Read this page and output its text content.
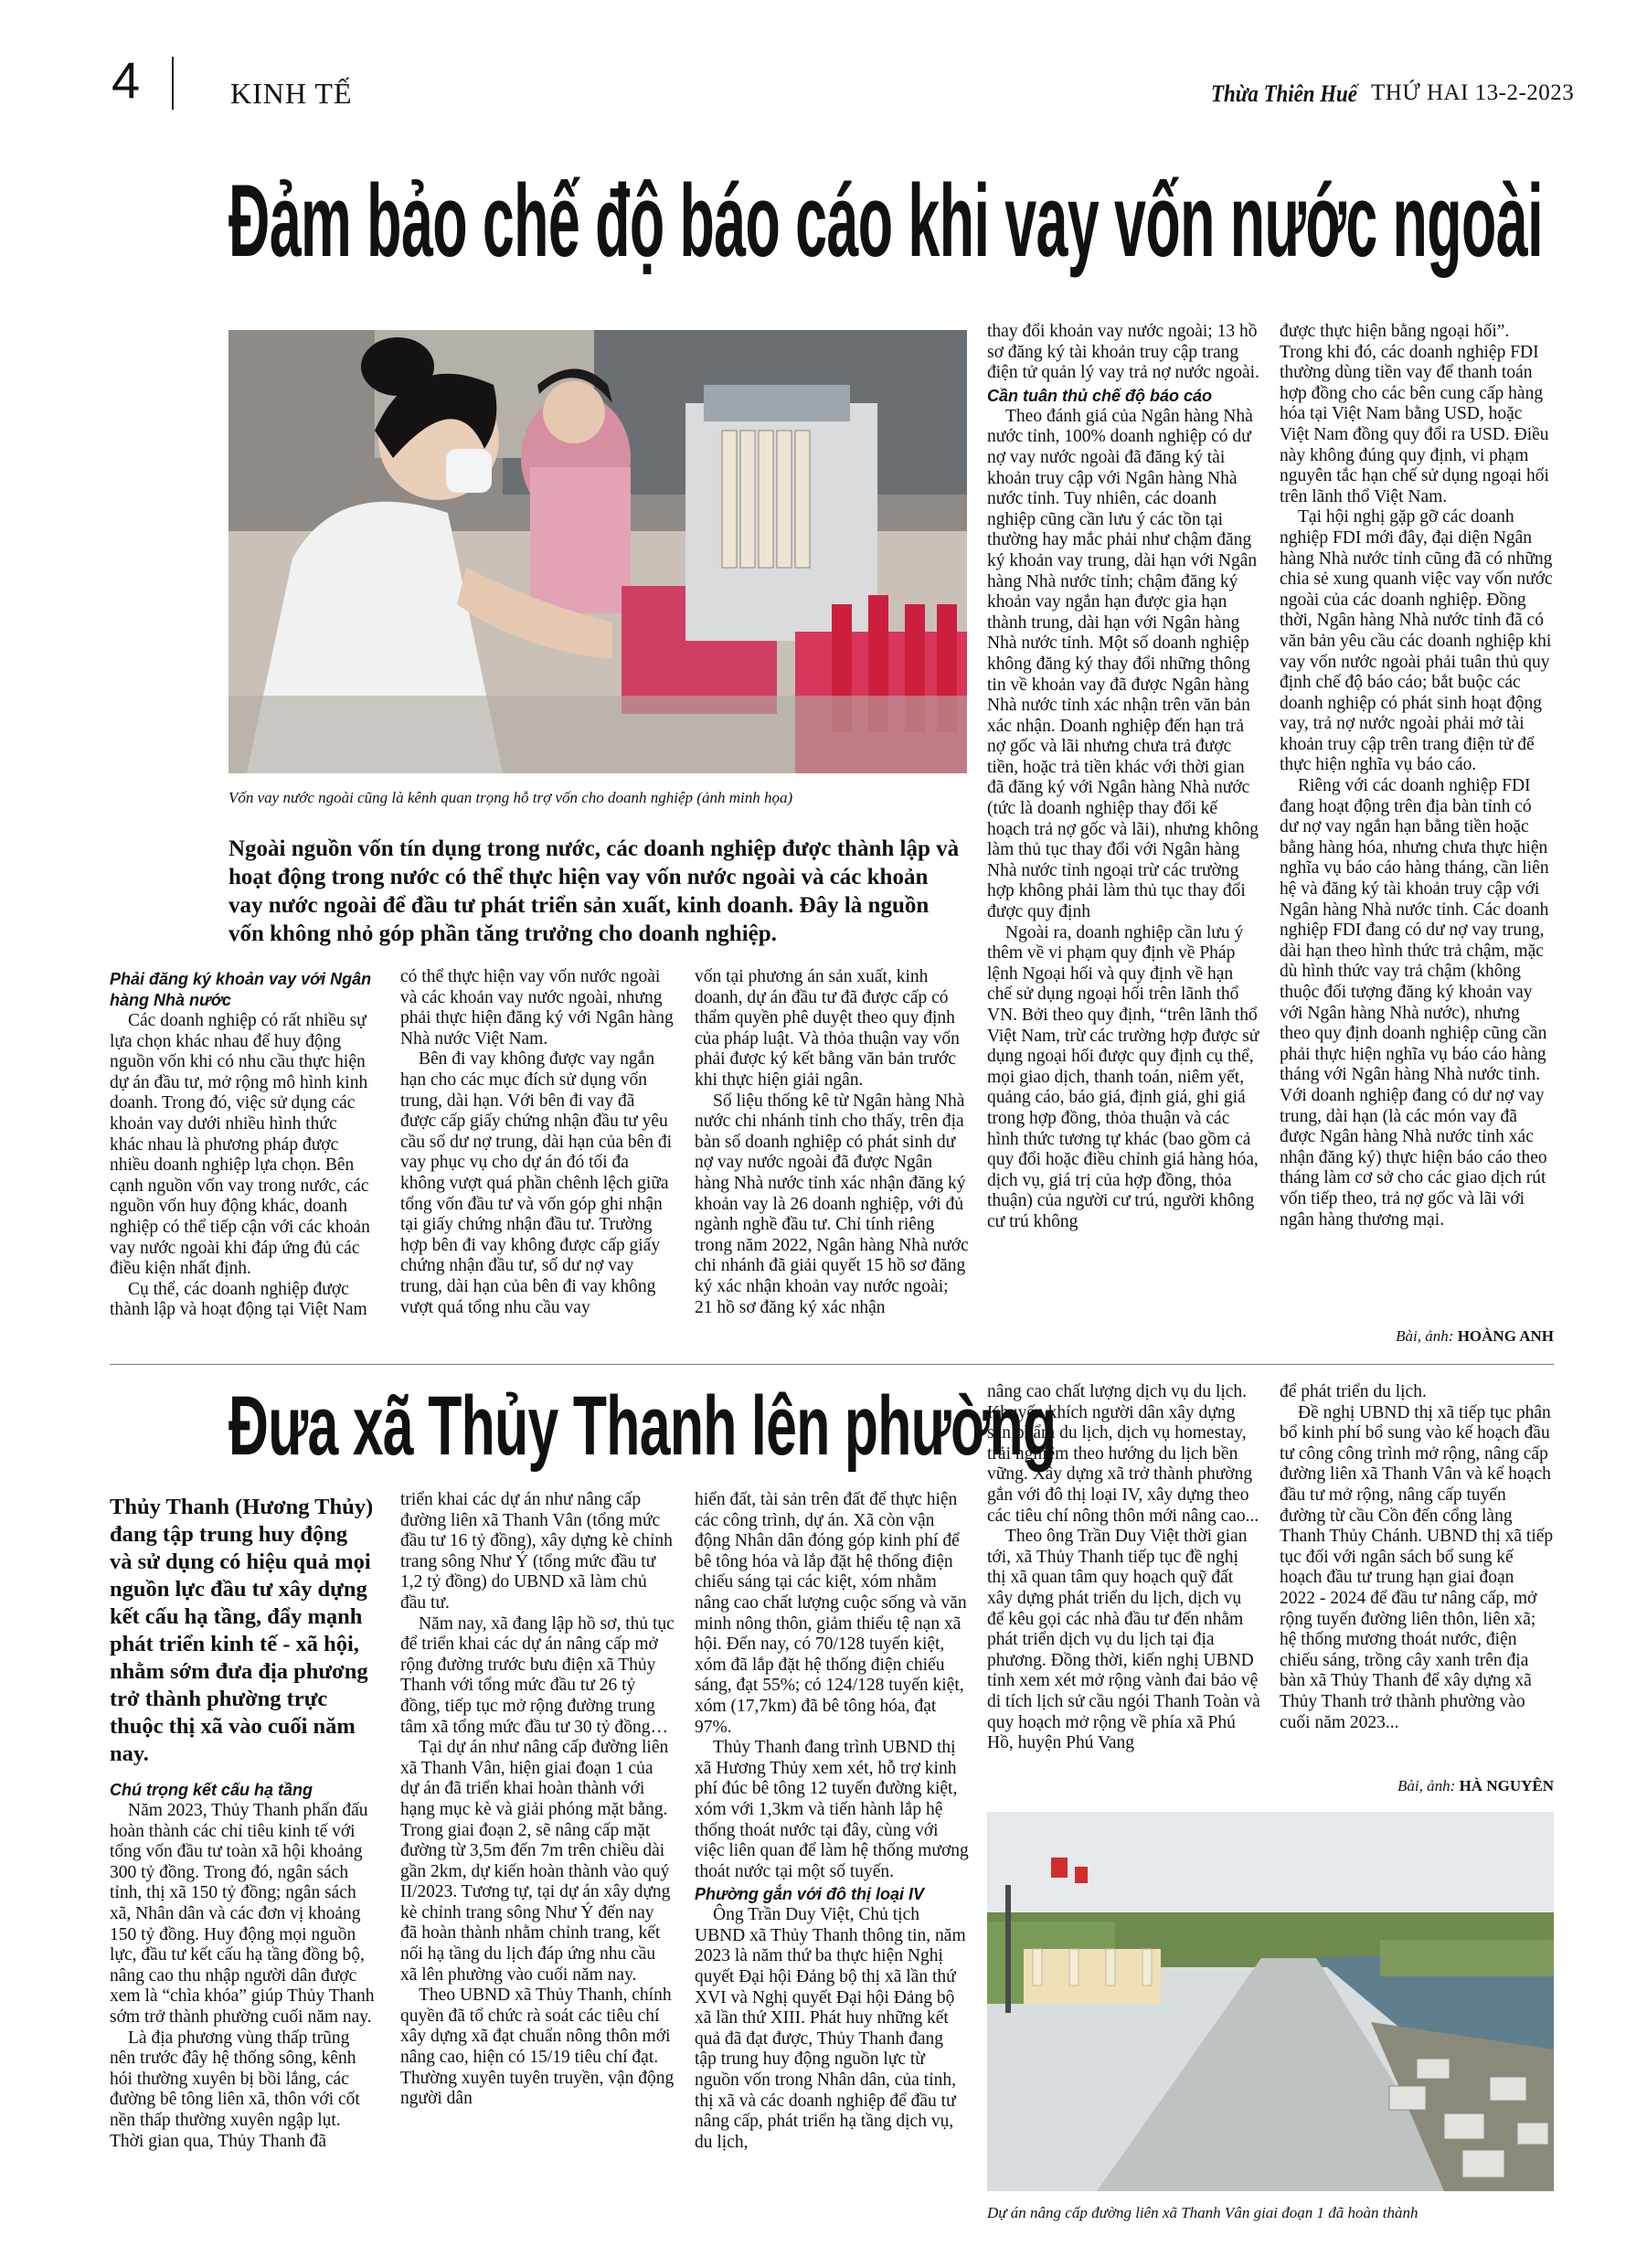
4	KINH TẾ	Thừa Thiên Huế THỨ HAI 13-2-2023
Đảm bảo chế độ báo cáo khi vay vốn nước ngoài
Vốn vay nước ngoài cũng là kênh quan trọng hỗ trợ vốn cho doanh nghiệp (ảnh minh họa)
Ngoài nguồn vốn tín dụng trong nước, các doanh nghiệp được thành lập và hoạt động trong nước có thể thực hiện vay vốn nước ngoài và các khoản vay nước ngoài để đầu tư phát triển sản xuất, kinh doanh. Đây là nguồn vốn không nhỏ góp phần tăng trưởng cho doanh nghiệp.
Phải đăng ký khoản vay với Ngân hàng Nhà nước

Các doanh nghiệp có rất nhiều sự lựa chọn khác nhau để huy động nguồn vốn khi có nhu cầu thực hiện dự án đầu tư, mở rộng mô hình kinh doanh. Trong đó, việc sử dụng các khoản vay dưới nhiều hình thức khác nhau là phương pháp được nhiều doanh nghiệp lựa chọn. Bên cạnh nguồn vốn vay trong nước, các nguồn vốn huy động khác, doanh nghiệp có thể tiếp cận với các khoản vay nước ngoài khi đáp ứng đủ các điều kiện nhất định.

Cụ thể, các doanh nghiệp được thành lập và hoạt động tại Việt Nam

có thể thực hiện vay vốn nước ngoài và các khoản vay nước ngoài, nhưng phải thực hiện đăng ký với Ngân hàng Nhà nước Việt Nam.

Bên đi vay không được vay ngắn hạn cho các mục đích sử dụng vốn trung, dài hạn. Với bên đi vay đã được cấp giấy chứng nhận đầu tư yêu cầu số dư nợ trung, dài hạn của bên đi vay phục vụ cho dự án đó tối đa không vượt quá phần chênh lệch giữa tổng vốn đầu tư và vốn góp ghi nhận tại giấy chứng nhận đầu tư. Trường hợp bên đi vay không được cấp giấy chứng nhận đầu tư, số dư nợ vay trung, dài hạn của bên đi vay không vượt quá tổng nhu cầu vay

vốn tại phương án sản xuất, kinh doanh, dự án đầu tư đã được cấp có thẩm quyền phê duyệt theo quy định của pháp luật. Và thỏa thuận vay vốn phải được ký kết bằng văn bản trước khi thực hiện giải ngân.

Số liệu thống kê từ Ngân hàng Nhà nước chi nhánh tỉnh cho thấy, trên địa bàn số doanh nghiệp có phát sinh dư nợ vay nước ngoài đã được Ngân hàng Nhà nước tỉnh xác nhận đăng ký khoản vay là 26 doanh nghiệp, với đủ ngành nghề đầu tư. Chỉ tính riêng trong năm 2022, Ngân hàng Nhà nước chi nhánh đã giải quyết 15 hồ sơ đăng ký xác nhận khoản vay nước ngoài; 21 hồ sơ đăng ký xác nhận

thay đổi khoản vay nước ngoài; 13 hồ sơ đăng ký tài khoản truy cập trang điện tử quản lý vay trả nợ nước ngoài.

Cần tuân thủ chế độ báo cáo

Theo đánh giá của Ngân hàng Nhà nước tỉnh, 100% doanh nghiệp có dư nợ vay nước ngoài đã đăng ký tài khoản truy cập với Ngân hàng Nhà nước tỉnh. Tuy nhiên, các doanh nghiệp cũng cần lưu ý các tồn tại thường hay mắc phải như chậm đăng ký khoản vay trung, dài hạn với Ngân hàng Nhà nước tỉnh; chậm đăng ký khoản vay ngắn hạn được gia hạn thành trung, dài hạn với Ngân hàng Nhà nước tỉnh. Một số doanh nghiệp không đăng ký thay đổi những thông tin về khoản vay đã được Ngân hàng Nhà nước tỉnh xác nhận trên văn bản xác nhận. Doanh nghiệp đến hạn trả nợ gốc và lãi nhưng chưa trả được tiền, hoặc trả tiền khác với thời gian đã đăng ký với Ngân hàng Nhà nước (tức là doanh nghiệp thay đổi kế hoạch trả nợ gốc và lãi), nhưng không làm thủ tục thay đổi với Ngân hàng Nhà nước tỉnh ngoại trừ các trường hợp không phải làm thủ tục thay đổi được quy định

Ngoài ra, doanh nghiệp cần lưu ý thêm về vi phạm quy định về Pháp lệnh Ngoại hối và quy định về hạn chế sử dụng ngoại hối trên lãnh thổ VN. Bởi theo quy định, “trên lãnh thổ Việt Nam, trừ các trường hợp được sử dụng ngoại hối được quy định cụ thể, mọi giao dịch, thanh toán, niêm yết, quảng cáo, báo giá, định giá, ghi giá trong hợp đồng, thỏa thuận và các hình thức tương tự khác (bao gồm cả quy đổi hoặc điều chỉnh giá hàng hóa, dịch vụ, giá trị của hợp đồng, thỏa thuận) của người cư trú, người không cư trú không

được thực hiện bằng ngoại hối”. Trong khi đó, các doanh nghiệp FDI thường dùng tiền vay để thanh toán hợp đồng cho các bên cung cấp hàng hóa tại Việt Nam bằng USD, hoặc Việt Nam đồng quy đổi ra USD. Điều này không đúng quy định, vi phạm nguyên tắc hạn chế sử dụng ngoại hối trên lãnh thổ Việt Nam.

Tại hội nghị gặp gỡ các doanh nghiệp FDI mới đây, đại diện Ngân hàng Nhà nước tỉnh cũng đã có những chia sẻ xung quanh việc vay vốn nước ngoài của các doanh nghiệp. Đồng thời, Ngân hàng Nhà nước tỉnh đã có văn bản yêu cầu các doanh nghiệp khi vay vốn nước ngoài phải tuân thủ quy định chế độ báo cáo; bắt buộc các doanh nghiệp có phát sinh hoạt động vay, trả nợ nước ngoài phải mở tài khoản truy cập trên trang điện tử để thực hiện nghĩa vụ báo cáo.

Riêng với các doanh nghiệp FDI đang hoạt động trên địa bàn tỉnh có dư nợ vay ngắn hạn bằng tiền hoặc bằng hàng hóa, nhưng chưa thực hiện nghĩa vụ báo cáo hàng tháng, cần liên hệ và đăng ký tài khoản truy cập với Ngân hàng Nhà nước tỉnh. Các doanh nghiệp FDI đang có dư nợ vay trung, dài hạn theo hình thức trả chậm, mặc dù hình thức vay trả chậm (không thuộc đối tượng đăng ký khoản vay với Ngân hàng Nhà nước), nhưng theo quy định doanh nghiệp cũng cần phải thực hiện nghĩa vụ báo cáo hàng tháng với Ngân hàng Nhà nước tỉnh. Với doanh nghiệp đang có dư nợ vay trung, dài hạn (là các món vay đã được Ngân hàng Nhà nước tỉnh xác nhận đăng ký) thực hiện báo cáo theo tháng làm cơ sở cho các giao dịch rút vốn tiếp theo, trả nợ gốc và lãi với ngân hàng thương mại.

Bài, ảnh: HOÀNG ANH
Đưa xã Thủy Thanh lên phường
Thủy Thanh (Hương Thủy) đang tập trung huy động và sử dụng có hiệu quả mọi nguồn lực đầu tư xây dựng kết cấu hạ tầng, đẩy mạnh phát triển kinh tế - xã hội, nhằm sớm đưa địa phương trở thành phường trực thuộc thị xã vào cuối năm nay.
Chú trọng kết cấu hạ tầng

Năm 2023, Thủy Thanh phấn đấu hoàn thành các chỉ tiêu kinh tế với tổng vốn đầu tư toàn xã hội khoảng 300 tỷ đồng. Trong đó, ngân sách tỉnh, thị xã 150 tỷ đồng; ngân sách xã, Nhân dân và các đơn vị khoảng 150 tỷ đồng. Huy động mọi nguồn lực, đầu tư kết cấu hạ tầng đồng bộ, nâng cao thu nhập người dân được xem là “chìa khóa” giúp Thủy Thanh sớm trở thành phường cuối năm nay.

Là địa phương vùng thấp trũng nên trước đây hệ thống sông, kênh hói thường xuyên bị bồi lắng, các đường bê tông liên xã, thôn với cốt nền thấp thường xuyên ngập lụt. Thời gian qua, Thủy Thanh đã

triển khai các dự án như nâng cấp đường liên xã Thanh Vân (tổng mức đầu tư 16 tỷ đồng), xây dựng kè chỉnh trang sông Như Ý (tổng mức đầu tư 1,2 tỷ đồng) do UBND xã làm chủ đầu tư.

Năm nay, xã đang lập hồ sơ, thủ tục để triển khai các dự án nâng cấp mở rộng đường trước bưu điện xã Thủy Thanh với tổng mức đầu tư 26 tỷ đồng, tiếp tục mở rộng đường trung tâm xã tổng mức đầu tư 30 tỷ đồng…

Tại dự án như nâng cấp đường liên xã Thanh Vân, hiện giai đoạn 1 của dự án đã triển khai hoàn thành với hạng mục kè và giải phóng mặt bằng. Trong giai đoạn 2, sẽ nâng cấp mặt đường từ 3,5m đến 7m trên chiều dài gần 2km, dự kiến hoàn thành vào quý II/2023. Tương tự, tại dự án xây dựng kè chỉnh trang sông Như Ý đến nay đã hoàn thành nhằm chỉnh trang, kết nối hạ tầng du lịch đáp ứng nhu cầu xã lên phường vào cuối năm nay.

Theo UBND xã Thủy Thanh, chính quyền đã tổ chức rà soát các tiêu chí xây dựng xã đạt chuẩn nông thôn mới nâng cao, hiện có 15/19 tiêu chí đạt. Thường xuyên tuyên truyền, vận động người dân

hiến đất, tài sản trên đất để thực hiện các công trình, dự án. Xã còn vận động Nhân dân đóng góp kinh phí để bê tông hóa và lắp đặt hệ thống điện chiếu sáng tại các kiệt, xóm nhằm nâng cao chất lượng cuộc sống và văn minh nông thôn, giảm thiểu tệ nạn xã hội. Đến nay, có 70/128 tuyến kiệt, xóm đã lắp đặt hệ thống điện chiếu sáng, đạt 55%; có 124/128 tuyến kiệt, xóm (17,7km) đã bê tông hóa, đạt 97%.

Thủy Thanh đang trình UBND thị xã Hương Thủy xem xét, hỗ trợ kinh phí đúc bê tông 12 tuyến đường kiệt, xóm với 1,3km và tiến hành lắp hệ thống thoát nước tại đây, cùng với việc liên quan để làm hệ thống mương thoát nước tại một số tuyến.

Phường gắn với đô thị loại IV

Ông Trần Duy Việt, Chủ tịch UBND xã Thủy Thanh thông tin, năm 2023 là năm thứ ba thực hiện Nghị quyết Đại hội Đảng bộ thị xã lần thứ XVI và Nghị quyết Đại hội Đảng bộ xã lần thứ XIII. Phát huy những kết quả đã đạt được, Thủy Thanh đang tập trung huy động nguồn lực từ nguồn vốn trong Nhân dân, của tỉnh, thị xã và các doanh nghiệp để đầu tư nâng cấp, phát triển hạ tầng dịch vụ, du lịch,

nâng cao chất lượng dịch vụ du lịch. Khuyến khích người dân xây dựng sản phẩm du lịch, dịch vụ homestay, trải nghiệm theo hướng du lịch bền vững. Xây dựng xã trở thành phường gắn với đô thị loại IV, xây dựng theo các tiêu chí nông thôn mới nâng cao...

Theo ông Trần Duy Việt thời gian tới, xã Thủy Thanh tiếp tục đề nghị thị xã quan tâm quy hoạch quỹ đất xây dựng phát triển du lịch, dịch vụ để kêu gọi các nhà đầu tư đến nhằm phát triển dịch vụ du lịch tại địa phương. Đồng thời, kiến nghị UBND tỉnh xem xét mở rộng vành đai bảo vệ di tích lịch sử cầu ngói Thanh Toàn và quy hoạch mở rộng về phía xã Phú Hồ, huyện Phú Vang

để phát triển du lịch.

Đề nghị UBND thị xã tiếp tục phân bổ kinh phí bổ sung vào kế hoạch đầu tư công công trình mở rộng, nâng cấp đường liên xã Thanh Vân và kế hoạch đầu tư mở rộng, nâng cấp tuyến đường từ cầu Cồn đến cổng làng Thanh Thủy Chánh. UBND thị xã tiếp tục đối với ngân sách bổ sung kế hoạch đầu tư trung hạn giai đoạn 2022 - 2024 để đầu tư nâng cấp, mở rộng tuyến đường liên thôn, liên xã; hệ thống mương thoát nước, điện chiếu sáng, trồng cây xanh trên địa bàn xã Thủy Thanh để xây dựng xã Thủy Thanh trở thành phường vào cuối năm 2023...

Bài, ảnh: HÀ NGUYÊN
Dự án nâng cấp đường liên xã Thanh Vân giai đoạn 1 đã hoàn thành
